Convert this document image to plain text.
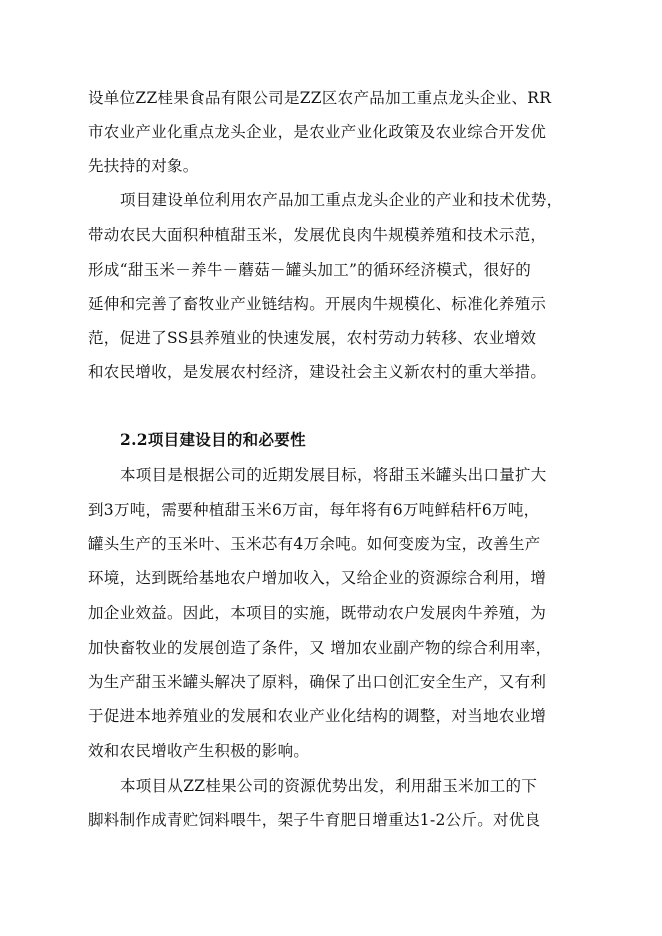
设单位ZZ桂果食品有限公司是ZZ区农产品加工重点龙头企业、RR
市农业产业化重点龙头企业，是农业产业化政策及农业综合开发优
先扶持的对象。
项目建设单位利用农产品加工重点龙头企业的产业和技术优势，
带动农民大面积种植甜玉米，发展优良肉牛规模养殖和技术示范，
形成“甜玉米－养牛－蘑菇－罐头加工”的循环经济模式，很好的
延伸和完善了畜牧业产业链结构。开展肉牛规模化、标准化养殖示
范，促进了SS县养殖业的快速发展，农村劳动力转移、农业增效
和农民增收，是发展农村经济，建设社会主义新农村的重大举措。
2.2项目建设目的和必要性
本项目是根据公司的近期发展目标，将甜玉米罐头出口量扩大
到3万吨，需要种植甜玉米6万亩，每年将有6万吨鲜秸杆6万吨，
罐头生产的玉米叶、玉米芯有4万余吨。如何变废为宝，改善生产
环境，达到既给基地农户增加收入，又给企业的资源综合利用，增
加企业效益。因此，本项目的实施，既带动农户发展肉牛养殖，为
加快畜牧业的发展创造了条件，又 增加农业副产物的综合利用率，
为生产甜玉米罐头解决了原料，确保了出口创汇安全生产，又有利
于促进本地养殖业的发展和农业产业化结构的调整，对当地农业增
效和农民增收产生积极的影响。
本项目从ZZ桂果公司的资源优势出发，利用甜玉米加工的下
脚料制作成青贮饲料喂牛，架子牛育肥日增重达1-2公斤。对优良
